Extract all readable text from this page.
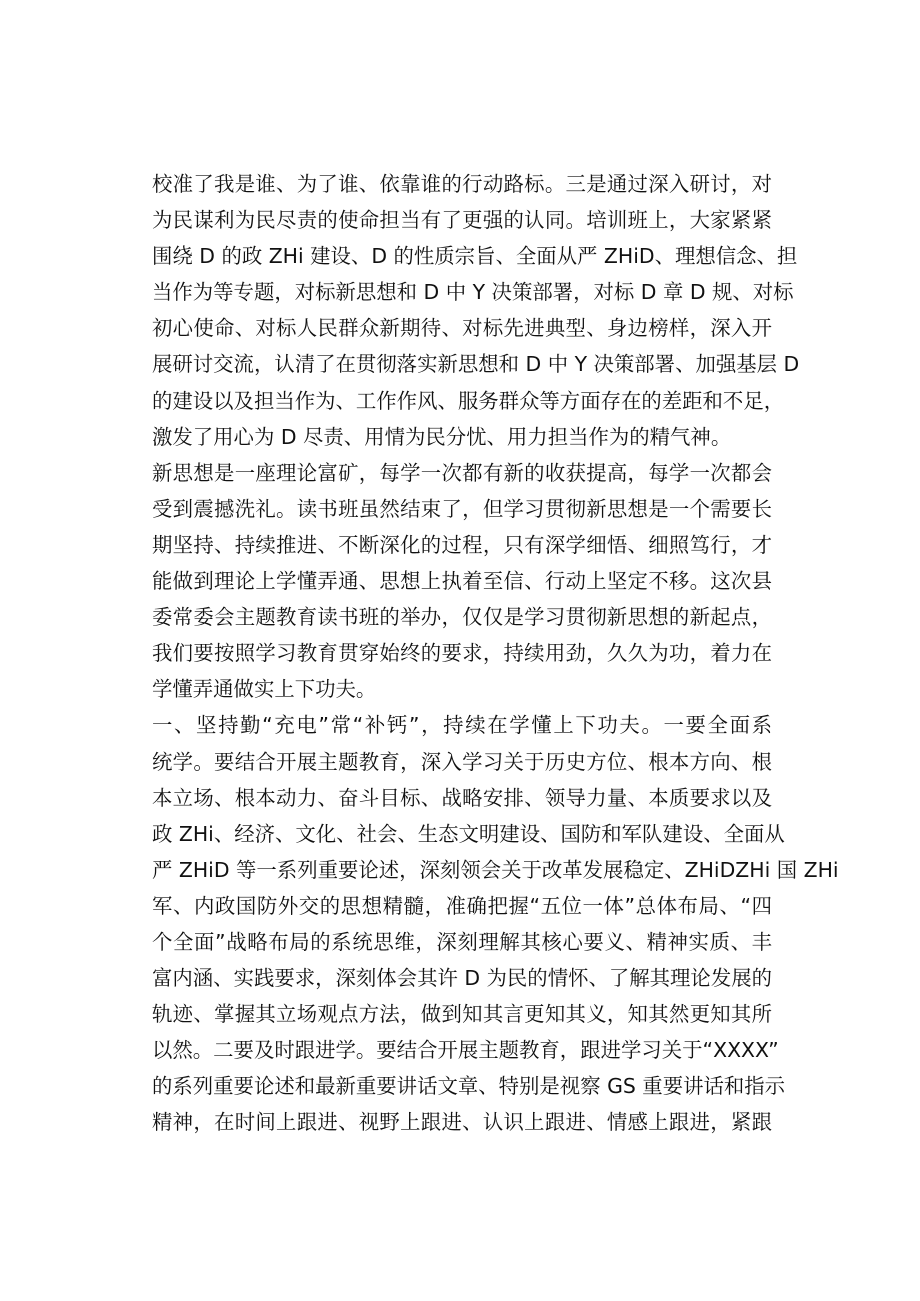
校准了我是谁、为了谁、依靠谁的行动路标。三是通过深入研讨，对
为民谋利为民尽责的使命担当有了更强的认同。培训班上，大家紧紧
围绕 D 的政 ZHi 建设、D 的性质宗旨、全面从严 ZHiD、理想信念、担
当作为等专题，对标新思想和 D 中 Y 决策部署，对标 D 章 D 规、对标
初心使命、对标人民群众新期待、对标先进典型、身边榜样，深入开
展研讨交流，认清了在贯彻落实新思想和 D 中 Y 决策部署、加强基层 D
的建设以及担当作为、工作作风、服务群众等方面存在的差距和不足，
激发了用心为 D 尽责、用情为民分忧、用力担当作为的精气神。
新思想是一座理论富矿，每学一次都有新的收获提高，每学一次都会
受到震撼洗礼。读书班虽然结束了，但学习贯彻新思想是一个需要长
期坚持、持续推进、不断深化的过程，只有深学细悟、细照笃行，才
能做到理论上学懂弄通、思想上执着至信、行动上坚定不移。这次县
委常委会主题教育读书班的举办，仅仅是学习贯彻新思想的新起点，
我们要按照学习教育贯穿始终的要求，持续用劲，久久为功，着力在
学懂弄通做实上下功夫。
一、坚持勤“充电”常“补钙”，持续在学懂上下功夫。一要全面系
统学。要结合开展主题教育，深入学习关于历史方位、根本方向、根
本立场、根本动力、奋斗目标、战略安排、领导力量、本质要求以及
政 ZHi、经济、文化、社会、生态文明建设、国防和军队建设、全面从
严 ZHiD 等一系列重要论述，深刻领会关于改革发展稳定、ZHiDZHi 国 ZHi
军、内政国防外交的思想精髓，准确把握“五位一体”总体布局、“四
个全面”战略布局的系统思维，深刻理解其核心要义、精神实质、丰
富内涵、实践要求，深刻体会其许 D 为民的情怀、了解其理论发展的
轨迹、掌握其立场观点方法，做到知其言更知其义，知其然更知其所
以然。二要及时跟进学。要结合开展主题教育，跟进学习关于“XXXX”
的系列重要论述和最新重要讲话文章、特别是视察 GS 重要讲话和指示
精神，在时间上跟进、视野上跟进、认识上跟进、情感上跟进，紧跟
